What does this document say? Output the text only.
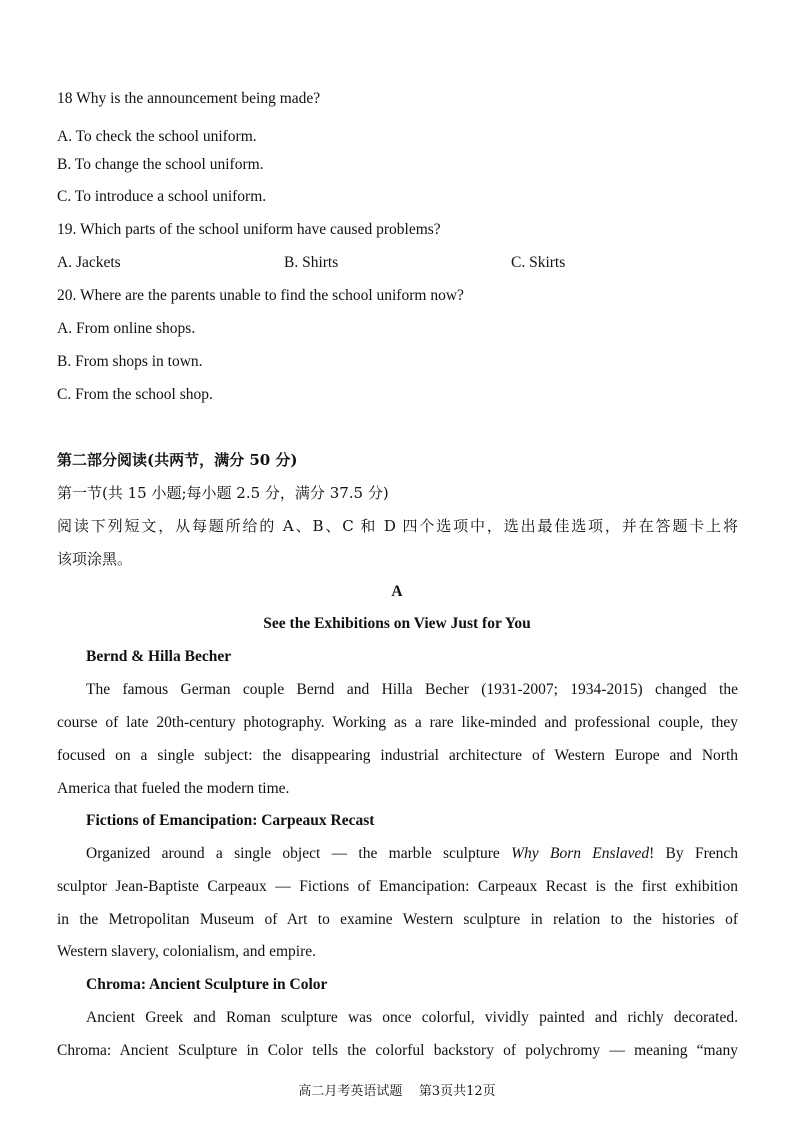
18 Why is the announcement being made?
A. To check the school uniform.
B. To change the school uniform.
C. To introduce a school uniform.
19. Which parts of the school uniform have caused problems?
A. Jackets	B. Shirts	C. Skirts
20. Where are the parents unable to find the school uniform now?
A. From online shops.
B. From shops in town.
C. From the school shop.
第二部分阅读(共两节，满分 50 分)
第一节(共 15 小题;每小题 2.5 分，满分 37.5 分)
阅读下列短文，从每题所给的 A、B、C 和 D 四个选项中，选出最佳选项，并在答题卡上将
该项涂黑。
A
See the Exhibitions on View Just for You
Bernd & Hilla Becher
The famous German couple Bernd and Hilla Becher (1931-2007; 1934-2015) changed the
course of late 20th-century photography. Working as a rare like-minded and professional couple, they
focused on a single subject: the disappearing industrial architecture of Western Europe and North
America that fueled the modern time.
Fictions of Emancipation: Carpeaux Recast
Organized around a single object — the marble sculpture Why Born Enslaved! By French
sculptor Jean-Baptiste Carpeaux — Fictions of Emancipation: Carpeaux Recast is the first exhibition
in the Metropolitan Museum of Art to examine Western sculpture in relation to the histories of
Western slavery, colonialism, and empire.
Chroma: Ancient Sculpture in Color
Ancient Greek and Roman sculpture was once colorful, vividly painted and richly decorated.
Chroma: Ancient Sculpture in Color tells the colorful backstory of polychromy — meaning “many
高二月考英语试题    第3页共12页
